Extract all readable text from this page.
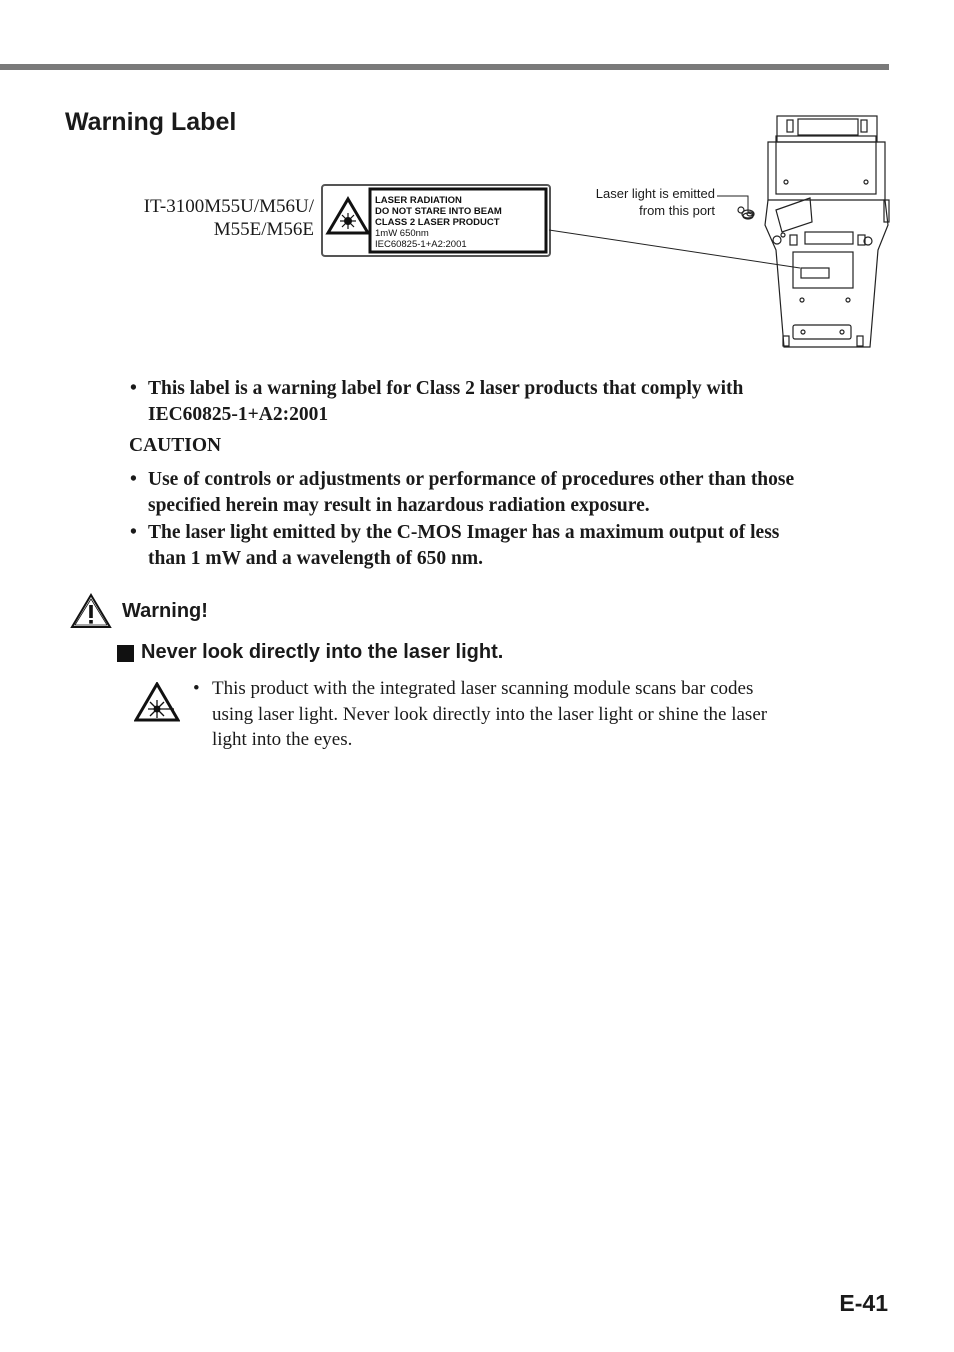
Warning Label
IT-3100M55U/M56U/
M55E/M56E
LASER RADIATION
DO NOT STARE INTO BEAM
CLASS 2 LASER PRODUCT
1mW 650nm
IEC60825-1+A2:2001
Laser light is emitted
from this port
• This label is a warning label for Class 2 laser products that comply with
IEC60825-1+A2:2001
CAUTION
• Use of controls or adjustments or performance of procedures other than those
specified herein may result in hazardous radiation exposure.
• The laser light emitted by the C-MOS Imager has a maximum output of less
than 1 mW and a wavelength of 650 nm.
Warning!
Never look directly into the laser light.
• This product with the integrated laser scanning module scans bar codes
using laser light. Never look directly into the laser light or shine the laser
light into the eyes.
E-41
